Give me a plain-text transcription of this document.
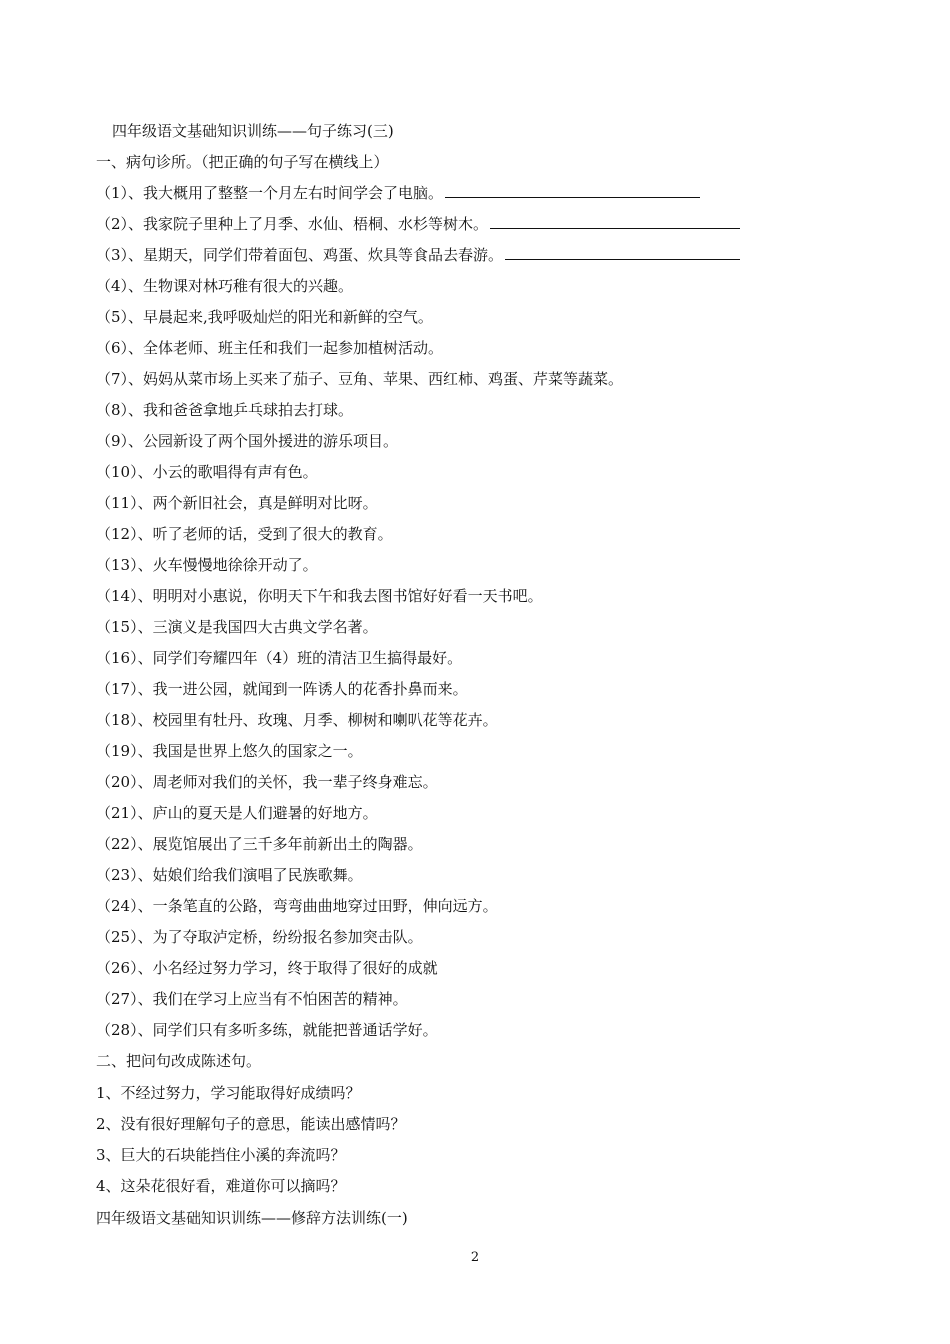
四年级语文基础知识训练——句子练习(三)
一、病句诊所。（把正确的句子写在横线上）
（1）、我大概用了整整一个月左右时间学会了电脑。
（2）、我家院子里种上了月季、水仙、梧桐、水杉等树木。
（3）、星期天，同学们带着面包、鸡蛋、炊具等食品去春游。
（4）、生物课对林巧稚有很大的兴趣。
（5）、早晨起来,我呼吸灿烂的阳光和新鲜的空气。
（6）、全体老师、班主任和我们一起参加植树活动。
（7）、妈妈从菜市场上买来了茄子、豆角、苹果、西红柿、鸡蛋、芹菜等蔬菜。
（8）、我和爸爸拿地乒乓球拍去打球。
（9）、公园新设了两个国外援进的游乐项目。
（10）、小云的歌唱得有声有色。
（11）、两个新旧社会，真是鲜明对比呀。
（12）、听了老师的话，受到了很大的教育。
（13）、火车慢慢地徐徐开动了。
（14）、明明对小惠说，你明天下午和我去图书馆好好看一天书吧。
（15）、三演义是我国四大古典文学名著。
（16）、同学们夸耀四年（4）班的清洁卫生搞得最好。
（17）、我一进公园，就闻到一阵诱人的花香扑鼻而来。
（18）、校园里有牡丹、玫瑰、月季、柳树和喇叭花等花卉。
（19）、我国是世界上悠久的国家之一。
（20）、周老师对我们的关怀，我一辈子终身难忘。
（21）、庐山的夏天是人们避暑的好地方。
（22）、展览馆展出了三千多年前新出土的陶器。
（23）、姑娘们给我们演唱了民族歌舞。
（24）、一条笔直的公路，弯弯曲曲地穿过田野，伸向远方。
（25）、为了夺取泸定桥，纷纷报名参加突击队。
（26）、小名经过努力学习，终于取得了很好的成就
（27）、我们在学习上应当有不怕困苦的精神。
（28）、同学们只有多听多练，就能把普通话学好。
二、把问句改成陈述句。
1、不经过努力，学习能取得好成绩吗？
2、没有很好理解句子的意思，能读出感情吗？
3、巨大的石块能挡住小溪的奔流吗？
4、这朵花很好看，难道你可以摘吗？
四年级语文基础知识训练——修辞方法训练(一)
2
